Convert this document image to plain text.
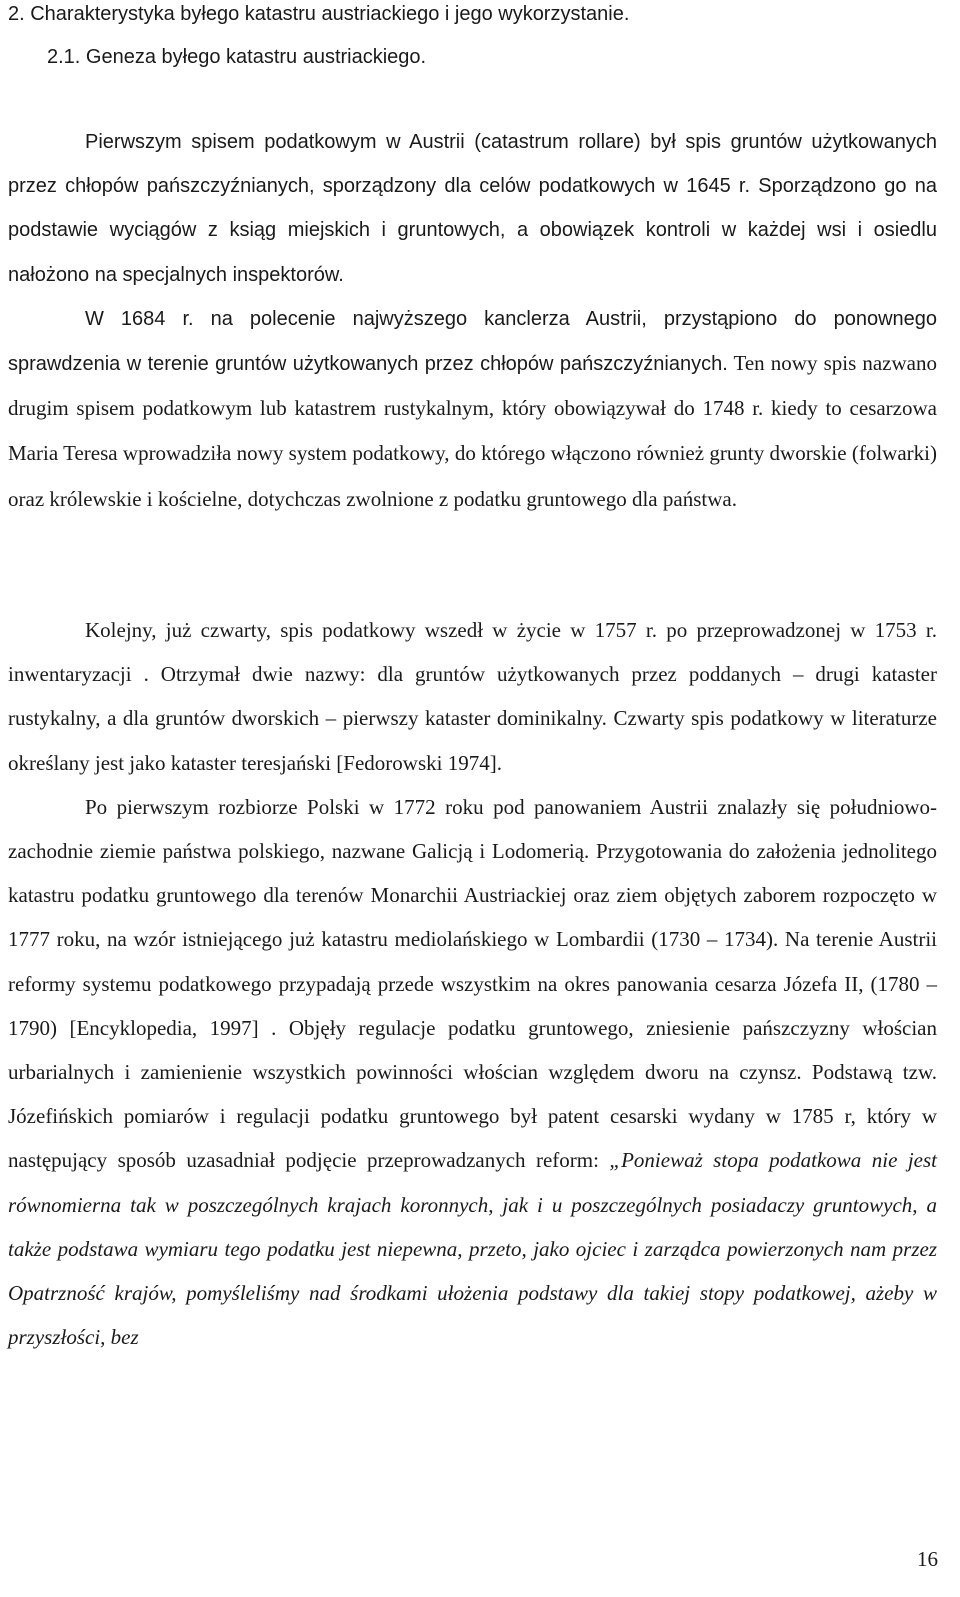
2. Charakterystyka byłego katastru austriackiego i jego wykorzystanie.
2.1. Geneza byłego katastru austriackiego.

Pierwszym spisem podatkowym w Austrii (catastrum rollare) był spis gruntów użytkowanych przez chłopów pańszczyźnianych, sporządzony dla celów podatkowych w 1645 r. Sporządzono go na podstawie wyciągów z ksiąg miejskich i gruntowych, a obowiązek kontroli w każdej wsi i osiedlu nałożono na specjalnych inspektorów.

W 1684 r. na polecenie najwyższego kanclerza Austrii, przystąpiono do ponownego sprawdzenia w terenie gruntów użytkowanych przez chłopów pańszczyźnianych. Ten nowy spis nazwano drugim spisem podatkowym lub katastrem rustykalnym, który obowiązywał do 1748 r. kiedy to cesarzowa Maria Teresa wprowadziła nowy system podatkowy, do którego włączono również grunty dworskie (folwarki) oraz królewskie i kościelne, dotychczas zwolnione z podatku gruntowego dla państwa.

Kolejny, już czwarty, spis podatkowy wszedł w życie w 1757 r. po przeprowadzonej w 1753 r. inwentaryzacji . Otrzymał dwie nazwy: dla gruntów użytkowanych przez poddanych – drugi kataster rustykalny, a dla gruntów dworskich – pierwszy kataster dominikalny. Czwarty spis podatkowy w literaturze określany jest jako kataster teresjański [Fedorowski 1974].

Po pierwszym rozbiorze Polski w 1772 roku pod panowaniem Austrii znalazły się południowo-zachodnie ziemie państwa polskiego, nazwane Galicją i Lodomerią. Przygotowania do założenia jednolitego katastru podatku gruntowego dla terenów Monarchii Austriackiej oraz ziem objętych zaborem rozpoczęto w 1777 roku, na wzór istniejącego już katastru mediolańskiego w Lombardii (1730 – 1734). Na terenie Austrii reformy systemu podatkowego przypadają przede wszystkim na okres panowania cesarza Józefa II, (1780 – 1790) [Encyklopedia, 1997] . Objęły regulacje podatku gruntowego, zniesienie pańszczyzny włościan urbarialnych i zamienienie wszystkich powinności włościan względem dworu na czynsz. Podstawą tzw. Józefińskich pomiarów i regulacji podatku gruntowego był patent cesarski wydany w 1785 r, który w następujący sposób uzasadniał podjęcie przeprowadzanych reform: „Ponieważ stopa podatkowa nie jest równomierna tak w poszczególnych krajach koronnych, jak i u poszczególnych posiadaczy gruntowych, a także podstawa wymiaru tego podatku jest niepewna, przeto, jako ojciec i zarządca powierzonych nam przez Opatrzność krajów, pomyśleliśmy nad środkami ułożenia podstawy dla takiej stopy podatkowej, ażeby w przyszłości, bez

16
